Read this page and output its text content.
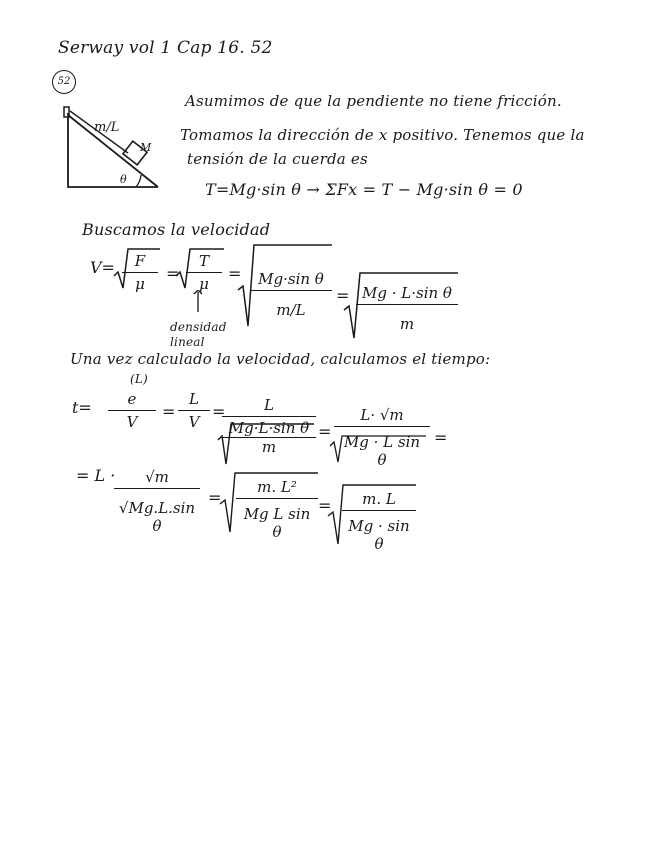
Serway vol 1 Cap 16. 52
52
m/L
M
θ
Asumimos de que la pendiente no tiene fricción.
Tomamos la dirección de x positivo. Tenemos que la
tensión de la cuerda es
T=Mg·sin θ → ΣFx = T − Mg·sin θ = 0
Buscamos la velocidad
$V= \frac{F}{\mu} = \frac{T}{\mu} = \frac{\text{Mg·sin θ}}{m/L} = \frac{\text{Mg · L·sin θ}}{m}$
densidad lineal
Una vez calculado la velocidad, calculamos el tiempo:
t=
(L)
$\frac{e}{V} = \frac{L}{V}$ =
L
Mg·L·sin θ
$m = \frac{L\cdot √m}{\text{Mg · L sin θ}}$ =
= L ·
$\frac{√m}{\text{√Mg.L.sin θ}} = \frac{\text{m. L²}}{\text{Mg L sin θ}} = \frac{m. L}{\text{Mg · sin θ}}$
